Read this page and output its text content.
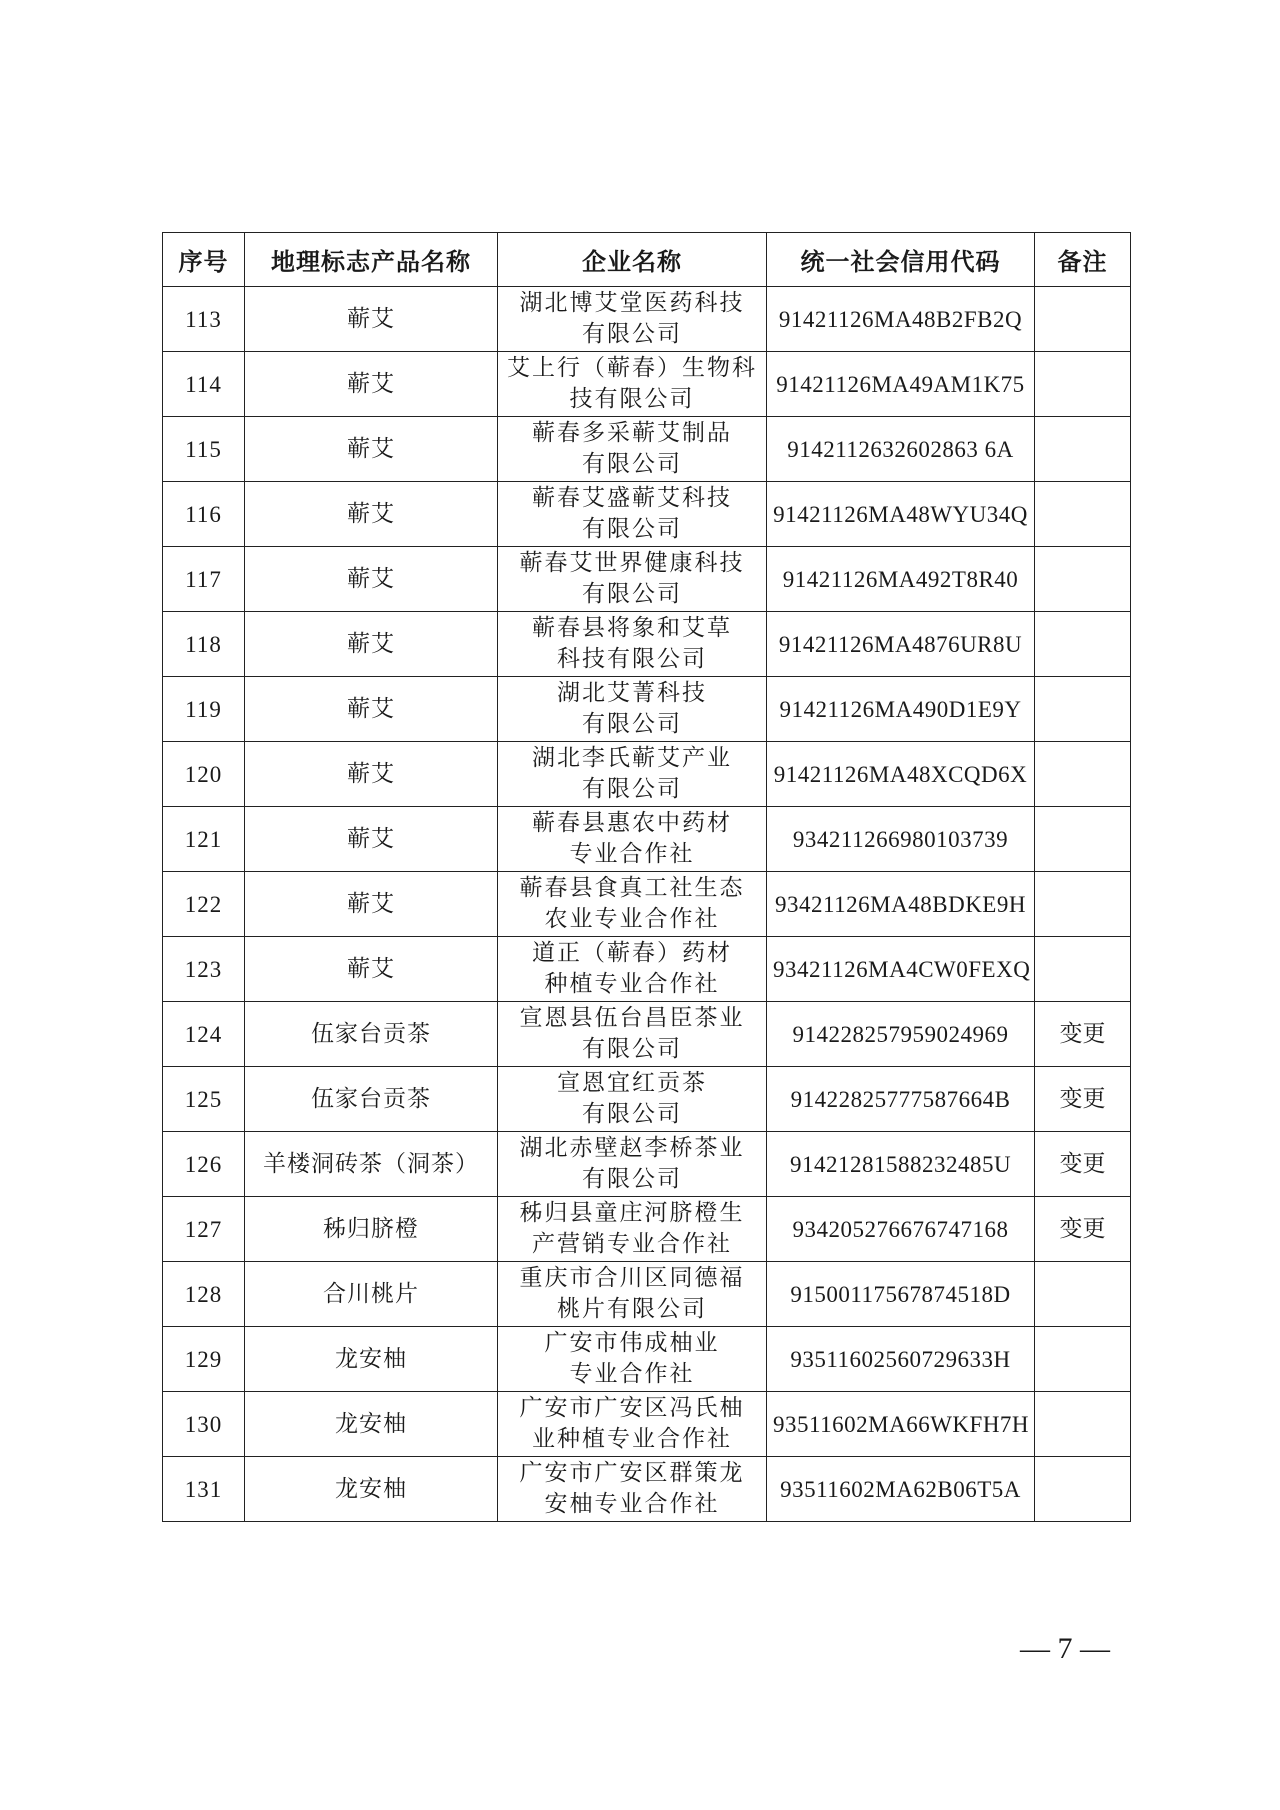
序号	地理标志产品名称	企业名称	统一社会信用代码	备注
113	蕲艾	湖北博艾堂医药科技
有限公司	91421126MA48B2FB2Q	
114	蕲艾	艾上行（蕲春）生物科
技有限公司	91421126MA49AM1K75	
115	蕲艾	蕲春多采蕲艾制品
有限公司	9142112632602863 6A	
116	蕲艾	蕲春艾盛蕲艾科技
有限公司	91421126MA48WYU34Q	
117	蕲艾	蕲春艾世界健康科技
有限公司	91421126MA492T8R40	
118	蕲艾	蕲春县将象和艾草
科技有限公司	91421126MA4876UR8U	
119	蕲艾	湖北艾菁科技
有限公司	91421126MA490D1E9Y	
120	蕲艾	湖北李氏蕲艾产业
有限公司	91421126MA48XCQD6X	
121	蕲艾	蕲春县惠农中药材
专业合作社	934211266980103739	
122	蕲艾	蕲春县食真工社生态
农业专业合作社	93421126MA48BDKE9H	
123	蕲艾	道正（蕲春）药材
种植专业合作社	93421126MA4CW0FEXQ	
124	伍家台贡茶	宣恩县伍台昌臣茶业
有限公司	914228257959024969	变更
125	伍家台贡茶	宣恩宜红贡茶
有限公司	91422825777587664B	变更
126	羊楼洞砖茶（洞茶）	湖北赤壁赵李桥茶业
有限公司	91421281588232485U	变更
127	秭归脐橙	秭归县童庄河脐橙生
产营销专业合作社	934205276676747168	变更
128	合川桃片	重庆市合川区同德福
桃片有限公司	91500117567874518D	
129	龙安柚	广安市伟成柚业
专业合作社	93511602560729633H	
130	龙安柚	广安市广安区冯氏柚
业种植专业合作社	93511602MA66WKFH7H	
131	龙安柚	广安市广安区群策龙
安柚专业合作社	93511602MA62B06T5A	
— 7 —
